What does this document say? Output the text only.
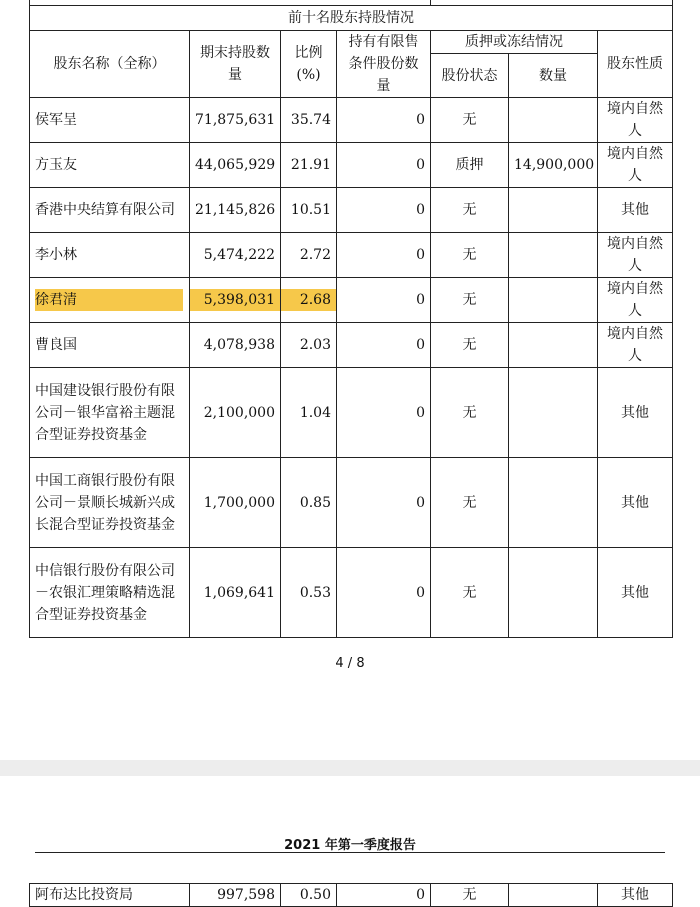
前十名股东持股情况						
股东名称（全称）	期末持股数量	比例(%)	持有有限售条件股份数量	质押或冻结情况		股东性质
				股份状态	数量	
侯军呈	71,875,631	35.74	0	无		境内自然人
方玉友	44,065,929	21.91	0	质押	14,900,000	境内自然人
香港中央结算有限公司	21,145,826	10.51	0	无		其他
李小林	5,474,222	2.72	0	无		境内自然人
徐君清	5,398,031	2.68	0	无		境内自然人
曹良国	4,078,938	2.03	0	无		境内自然人
中国建设银行股份有限公司－银华富裕主题混合型证券投资基金	2,100,000	1.04	0	无		其他
中国工商银行股份有限公司－景顺长城新兴成长混合型证券投资基金	1,700,000	0.85	0	无		其他
中信银行股份有限公司－农银汇理策略精选混合型证券投资基金	1,069,641	0.53	0	无		其他
4 / 8
2021 年第一季度报告
阿布达比投资局	997,598	0.50	0	无		其他
